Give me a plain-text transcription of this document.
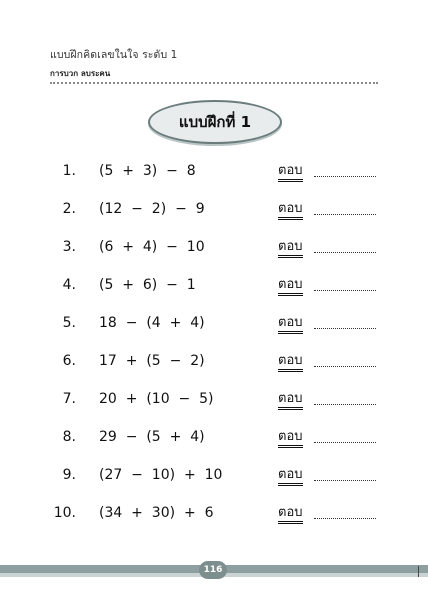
แบบฝึกคิดเลขในใจ ระดับ 1
การบวก ลบระคน
แบบฝึกที่ 1
1. (5  +  3)  −  8	ตอบ
2. (12  −  2)  −  9	ตอบ
3. (6  +  4)  −  10	ตอบ
4. (5  +  6)  −  1	ตอบ
5. 18  −  (4  +  4)	ตอบ
6. 17  +  (5  −  2)	ตอบ
7. 20  +  (10  −  5)	ตอบ
8. 29  −  (5  +  4)	ตอบ
9. (27  −  10)  +  10	ตอบ
10. (34  +  30)  +  6	ตอบ
116
